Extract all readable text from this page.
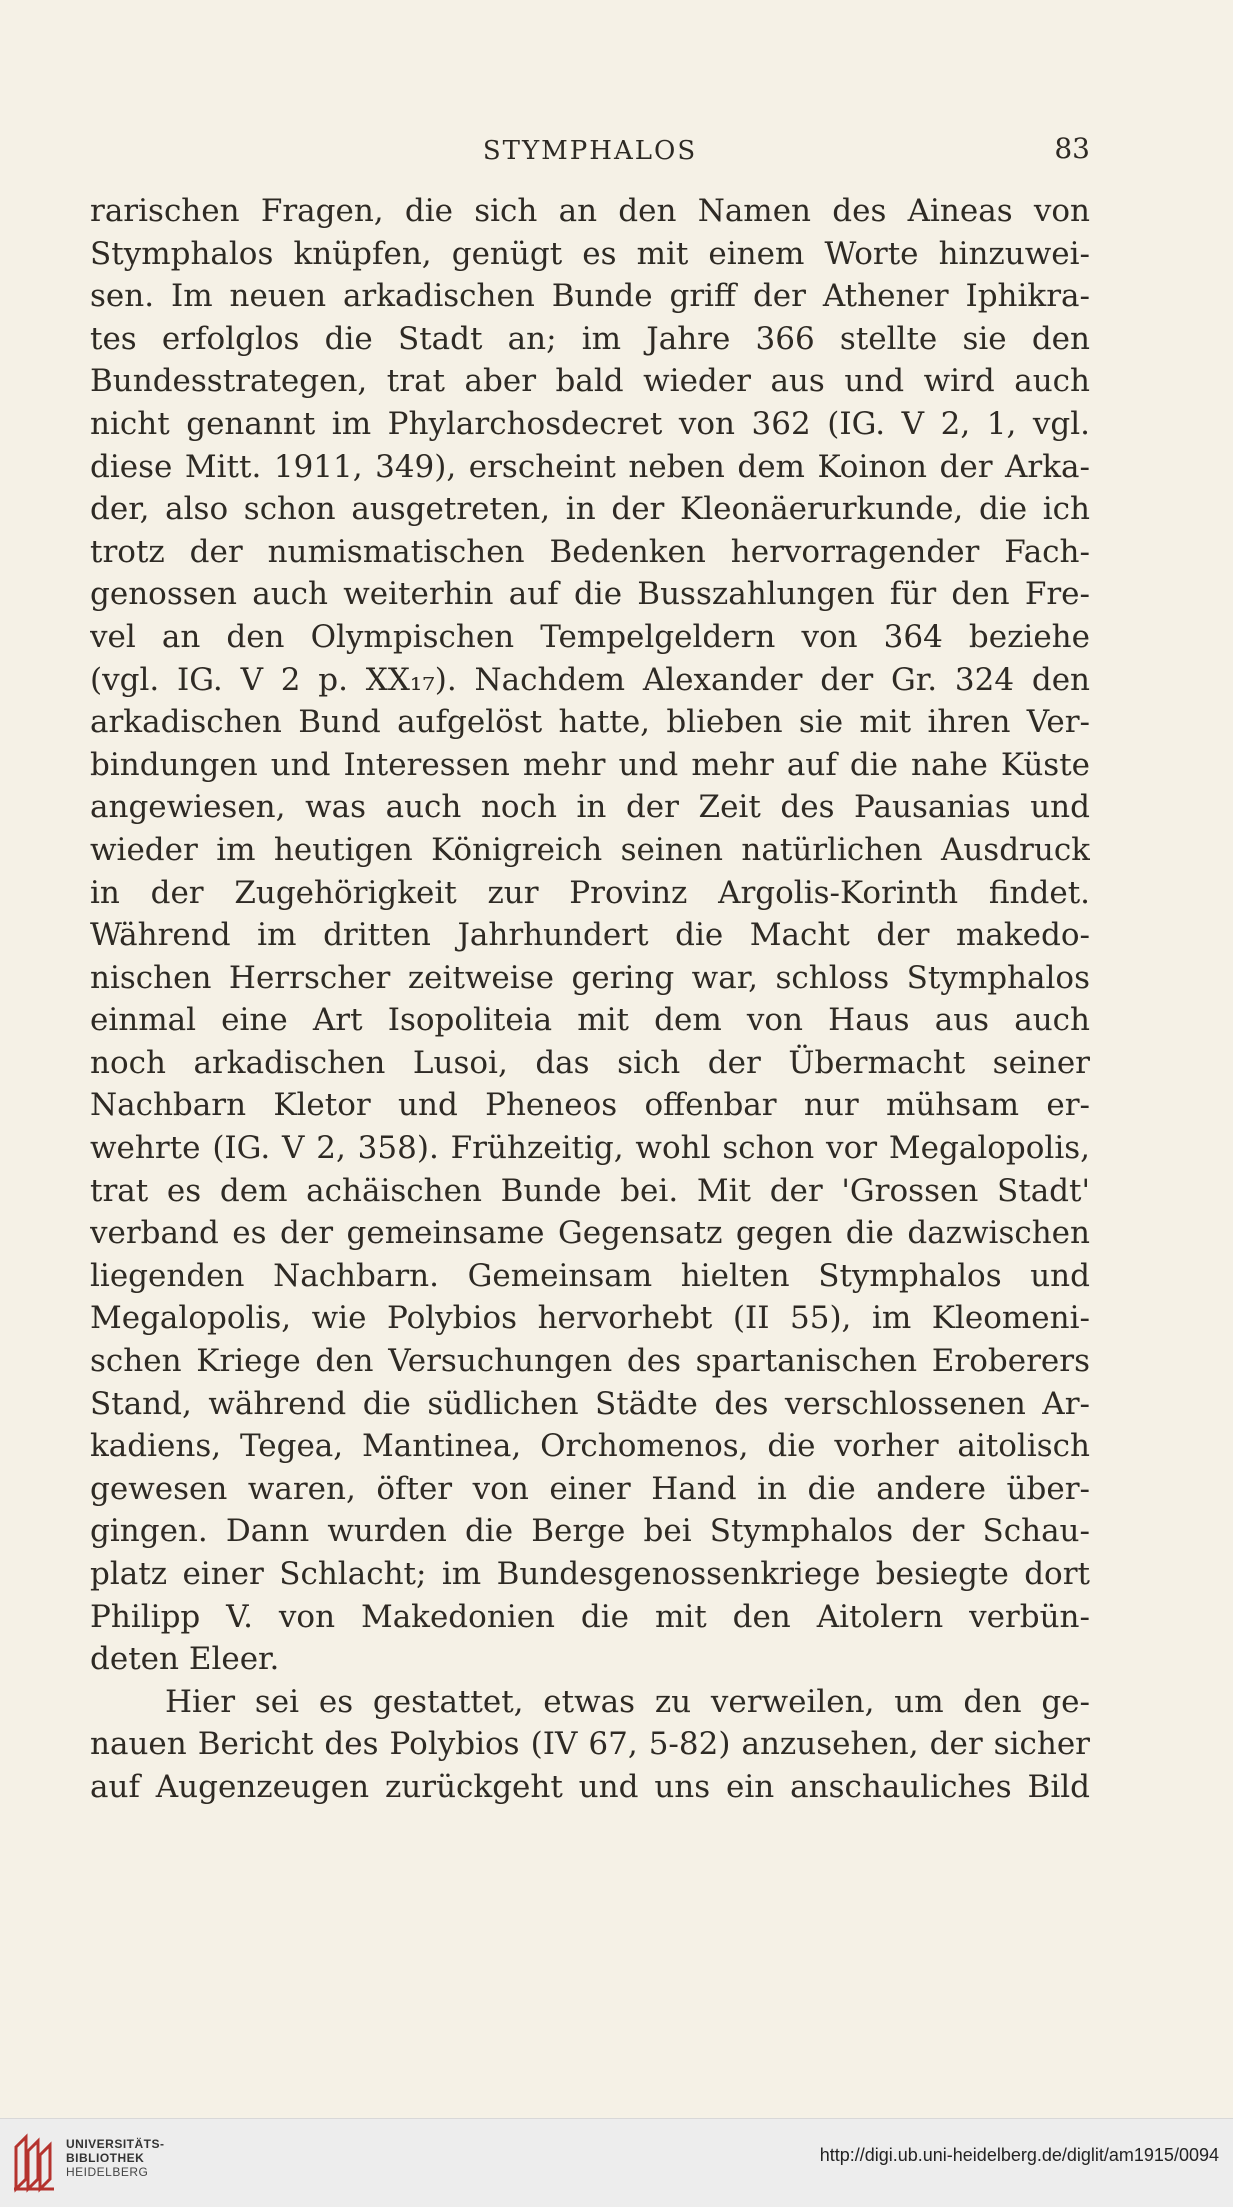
STYMPHALOS	83
rarischen Fragen, die sich an den Namen des Aineas von
Stymphalos knüpfen, genügt es mit einem Worte hinzuwei-
sen. Im neuen arkadischen Bunde griff der Athener Iphikra-
tes erfolglos die Stadt an; im Jahre 366 stellte sie den
Bundesstrategen, trat aber bald wieder aus und wird auch
nicht genannt im Phylarchosdecret von 362 (IG. V 2, 1, vgl.
diese Mitt. 1911, 349), erscheint neben dem Koinon der Arka-
der, also schon ausgetreten, in der Kleonäerurkunde, die ich
trotz der numismatischen Bedenken hervorragender Fach-
genossen auch weiterhin auf die Busszahlungen für den Fre-
vel an den Olympischen Tempelgeldern von 364 beziehe
(vgl. IG. V 2 p. XX₁₇). Nachdem Alexander der Gr. 324 den
arkadischen Bund aufgelöst hatte, blieben sie mit ihren Ver-
bindungen und Interessen mehr und mehr auf die nahe Küste
angewiesen, was auch noch in der Zeit des Pausanias und
wieder im heutigen Königreich seinen natürlichen Ausdruck
in der Zugehörigkeit zur Provinz Argolis-Korinth findet.
Während im dritten Jahrhundert die Macht der makedo-
nischen Herrscher zeitweise gering war, schloss Stymphalos
einmal eine Art Isopoliteia mit dem von Haus aus auch
noch arkadischen Lusoi, das sich der Übermacht seiner
Nachbarn Kletor und Pheneos offenbar nur mühsam er-
wehrte (IG. V 2, 358). Frühzeitig, wohl schon vor Megalopolis,
trat es dem achäischen Bunde bei. Mit der 'Grossen Stadt'
verband es der gemeinsame Gegensatz gegen die dazwischen
liegenden Nachbarn. Gemeinsam hielten Stymphalos und
Megalopolis, wie Polybios hervorhebt (II 55), im Kleomeni-
schen Kriege den Versuchungen des spartanischen Eroberers
Stand, während die südlichen Städte des verschlossenen Ar-
kadiens, Tegea, Mantinea, Orchomenos, die vorher aitolisch
gewesen waren, öfter von einer Hand in die andere über-
gingen. Dann wurden die Berge bei Stymphalos der Schau-
platz einer Schlacht; im Bundesgenossenkriege besiegte dort
Philipp V. von Makedonien die mit den Aitolern verbün-
deten Eleer.
Hier sei es gestattet, etwas zu verweilen, um den ge-
nauen Bericht des Polybios (IV 67, 5-82) anzusehen, der sicher
auf Augenzeugen zurückgeht und uns ein anschauliches Bild
UNIVERSITÄTS-
BIBLIOTHEK
HEIDELBERG
http://digi.ub.uni-heidelberg.de/diglit/am1915/0094
